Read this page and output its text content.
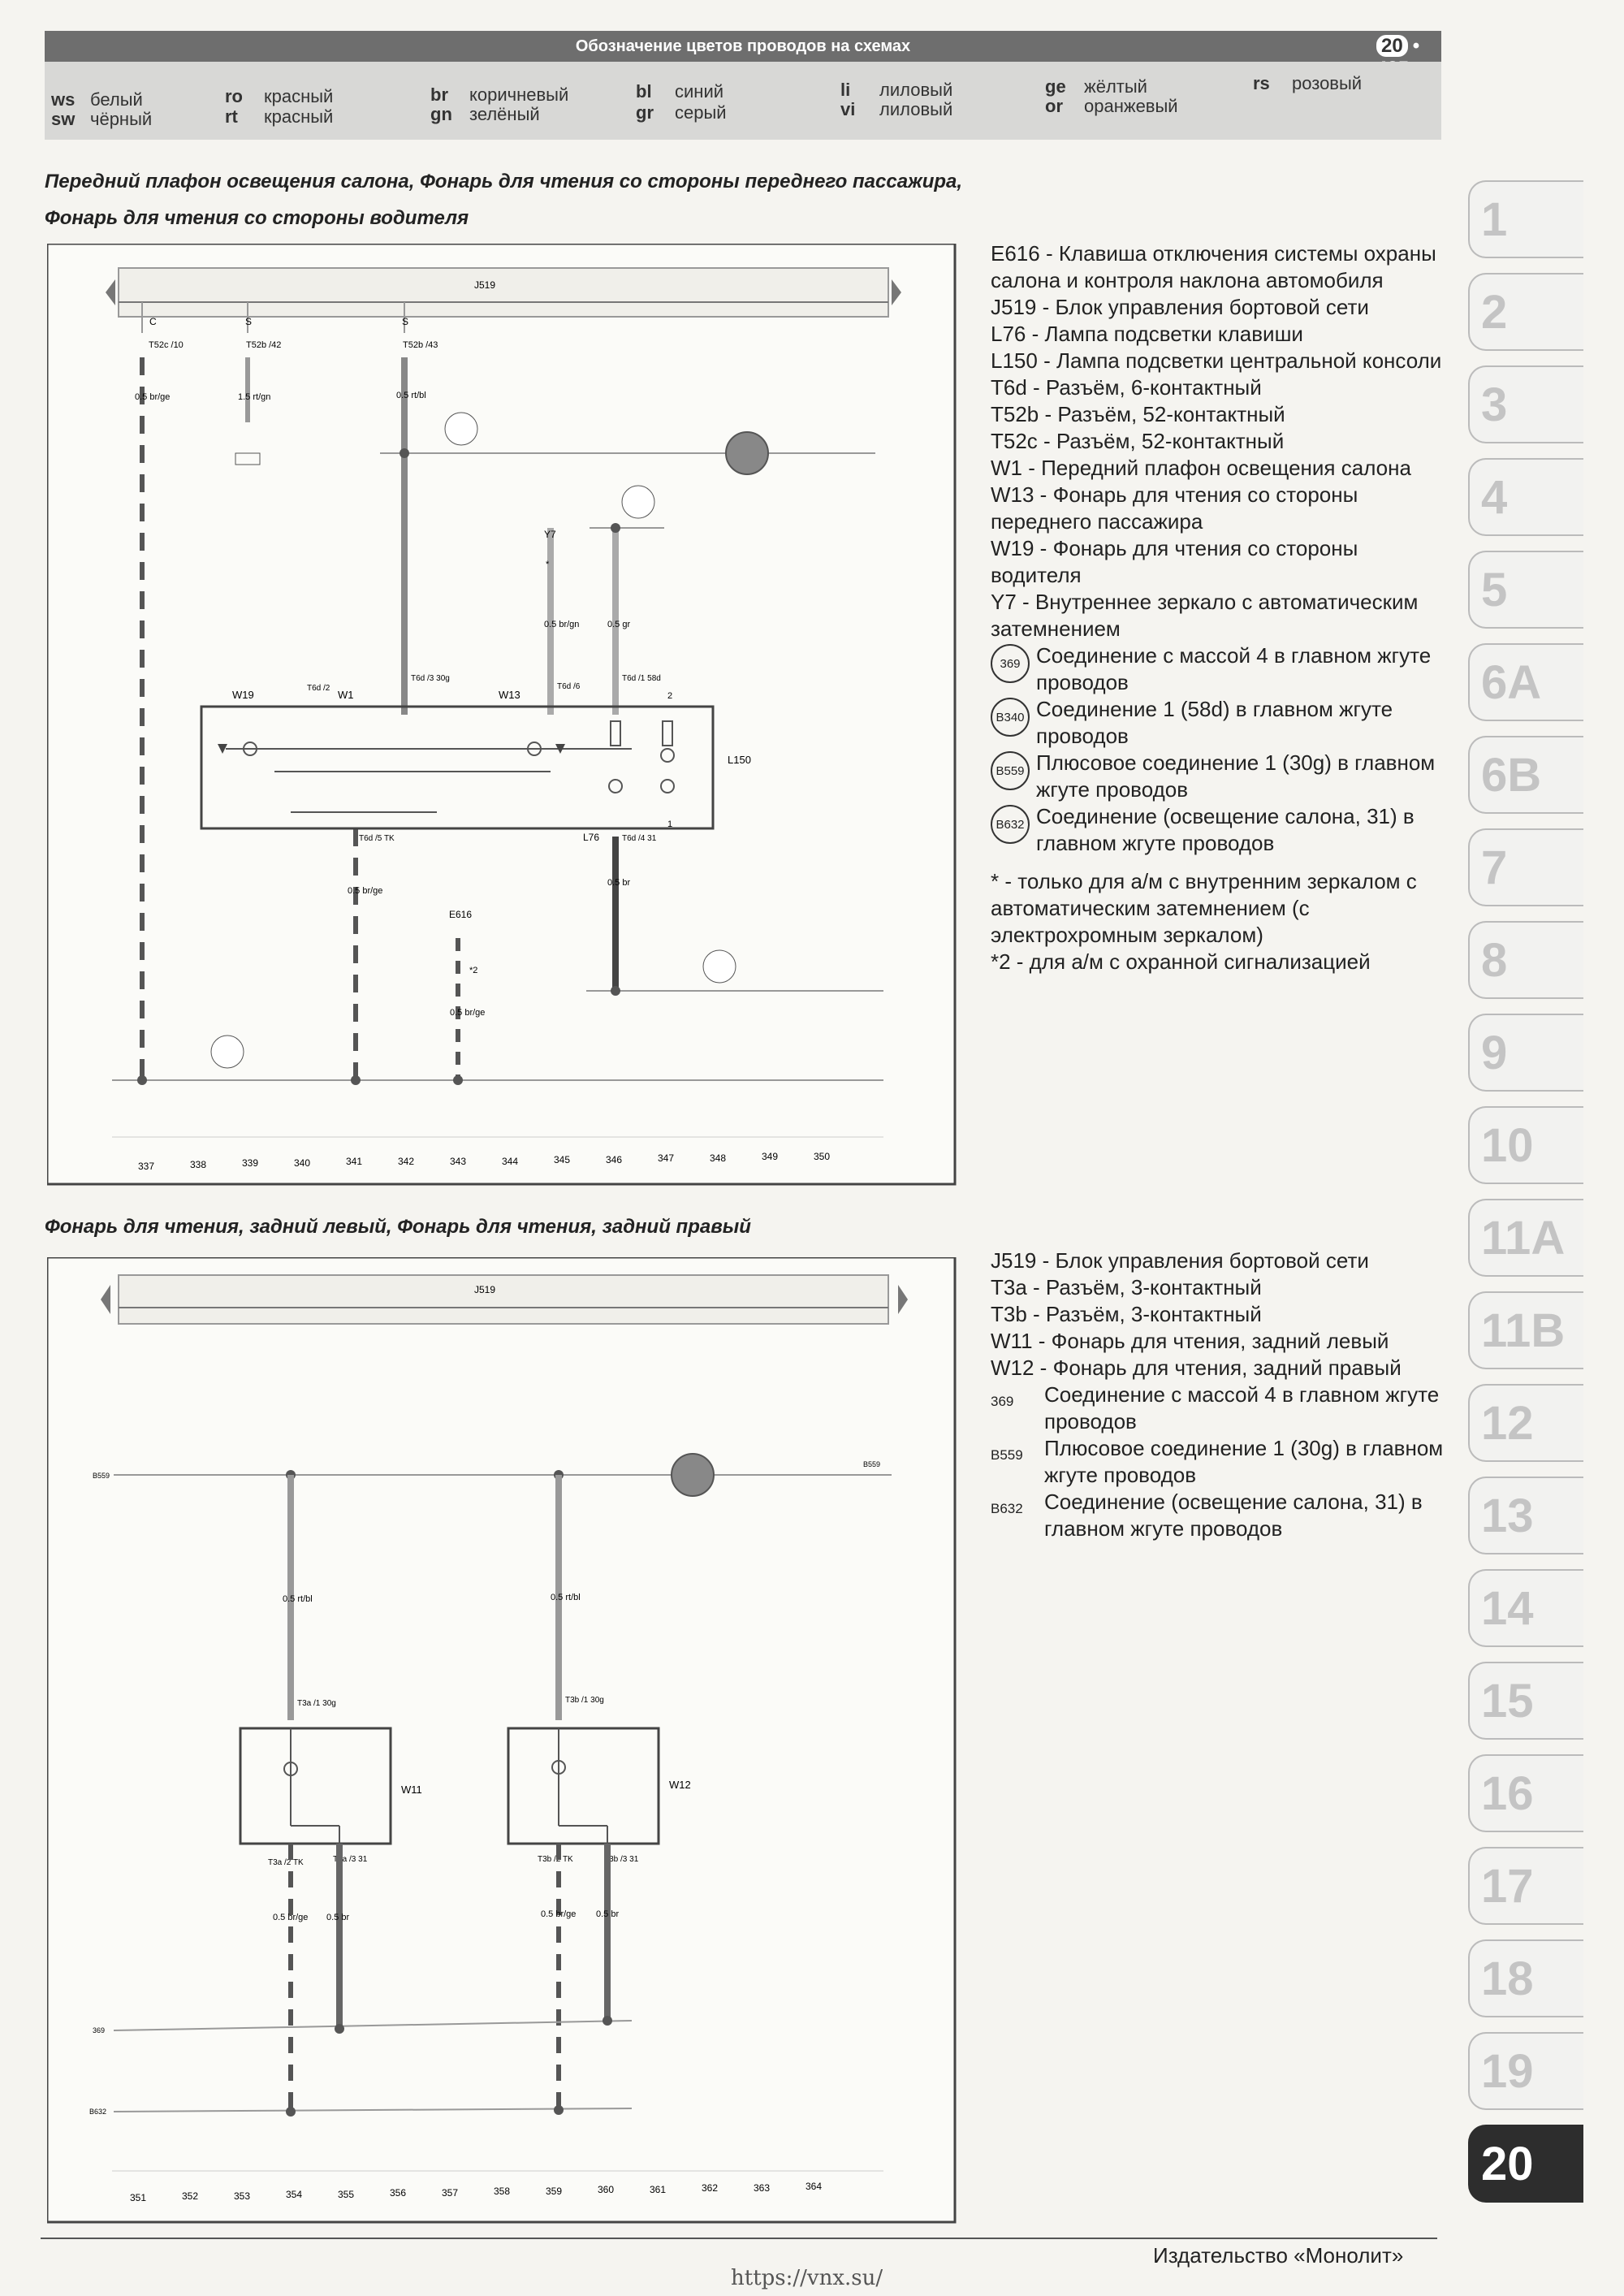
Обозначение цветов проводов на схемах	20 •
ws белый
sw чёрный
ro красный
rt красный
br коричневый
gn зелёный
bl синий
gr серый
li лиловый
vi лиловый
ge жёлтый
or оранжевый
rs розовый
Передний плафон освещения салона, Фонарь для чтения со стороны переднего пассажира,
Фонарь для чтения со стороны водителя
J519
C	S	S
T52c /10	T52b /42	T52b /43
0.5 br/ge	1.5 rt/gn	0.5 rt/bl
0.5 br/gn	0.5 gr
0.5 br/ge
0.5 br/ge
0.5 br
Y7
W19	W1	W13
L150
L76
E616
T6d /2
T6d /3 30g
T6d /6
T6d /1 58d
T6d /5 TK	T6d /4 31
2
1
*2
*
337	338	339	340	341	342	343	344	345	346	347	348	349	350

E616 - Клавиша отключения системы охраны салона и контроля наклона автомобиля

J519 - Блок управления бортовой сети

L76 - Лампа подсветки клавиши

L150 - Лампа подсветки центральной консоли

T6d - Разъём, 6-контактный

T52b - Разъём, 52-контактный

T52c - Разъём, 52-контактный

W1 - Передний плафон освещения салона

W13 - Фонарь для чтения со стороны переднего пассажира

W19 - Фонарь для чтения со стороны водителя

Y7 - Внутреннее зеркало с автоматическим затемнением

369 Соединение с массой 4 в главном жгуте проводов
B340 Соединение 1 (58d) в главном жгуте проводов
B559 Плюсовое соединение 1 (30g) в главном жгуте проводов
B632 Соединение (освещение салона, 31) в главном жгуте проводов

* - только для а/м с внутренним зеркалом с автоматическим затемнением (с электрохромным зеркалом)

*2 - для а/м с охранной сигнализацией

Фонарь для чтения, задний левый, Фонарь для чтения, задний правый
J519
B559
B559
0.5 rt/bl	0.5 rt/bl
T3a /1 30g	T3b /1 30g
W11	W12
T3a /2 TK	T3a /3 31	T3b /2 TK	T3b /3 31
0.5 br/ge 0.5 br	0.5 br/ge 0.5 br
369
B632
351	352	353	354	355	356	357	358	359	360	361	362	363	364

J519 - Блок управления бортовой сети

T3a - Разъём, 3-контактный

T3b - Разъём, 3-контактный

W11 - Фонарь для чтения, задний левый

W12 - Фонарь для чтения, задний правый

369	Соединение с массой 4 в главном жгуте проводов
B559	Плюсовое соединение 1 (30g) в главном жгуте проводов
B632	Соединение (освещение салона, 31) в главном жгуте проводов
1
2
3
4
5
6A
6B
7
8
9
10
11A
11B
12
13
14
15
16
17
18
19
20
Издательство «Монолит»
https://vnx.su/
